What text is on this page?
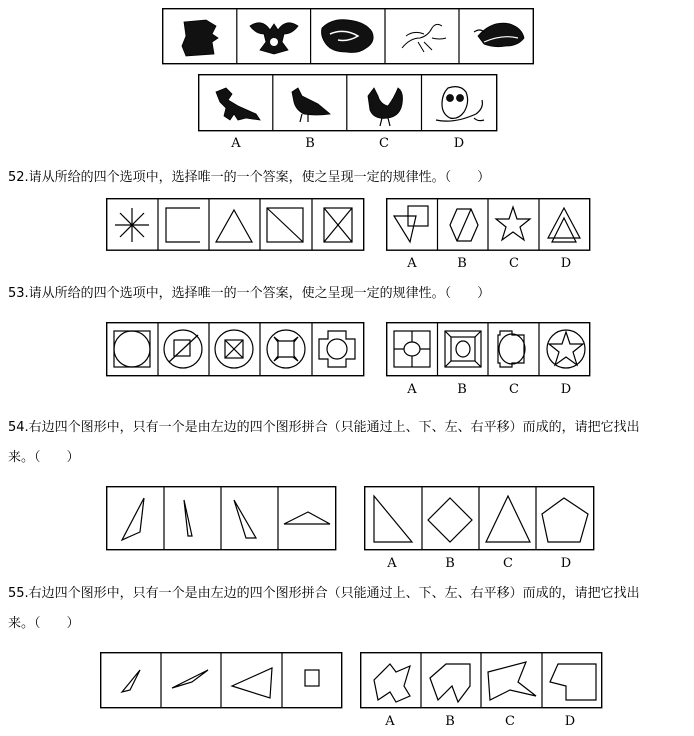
A	B	C	D
52.请从所给的四个选项中，选择唯一的一个答案，使之呈现一定的规律性。（　　）
A	B	C	D
53.请从所给的四个选项中，选择唯一的一个答案，使之呈现一定的规律性。（　　）
A	B	C	D
54.右边四个图形中，只有一个是由左边的四个图形拼合（只能通过上、下、左、右平移）而成的，请把它找出
来。（　　）
A	B	C	D
55.右边四个图形中，只有一个是由左边的四个图形拼合（只能通过上、下、左、右平移）而成的，请把它找出
来。（　　）
A	B	C	D
